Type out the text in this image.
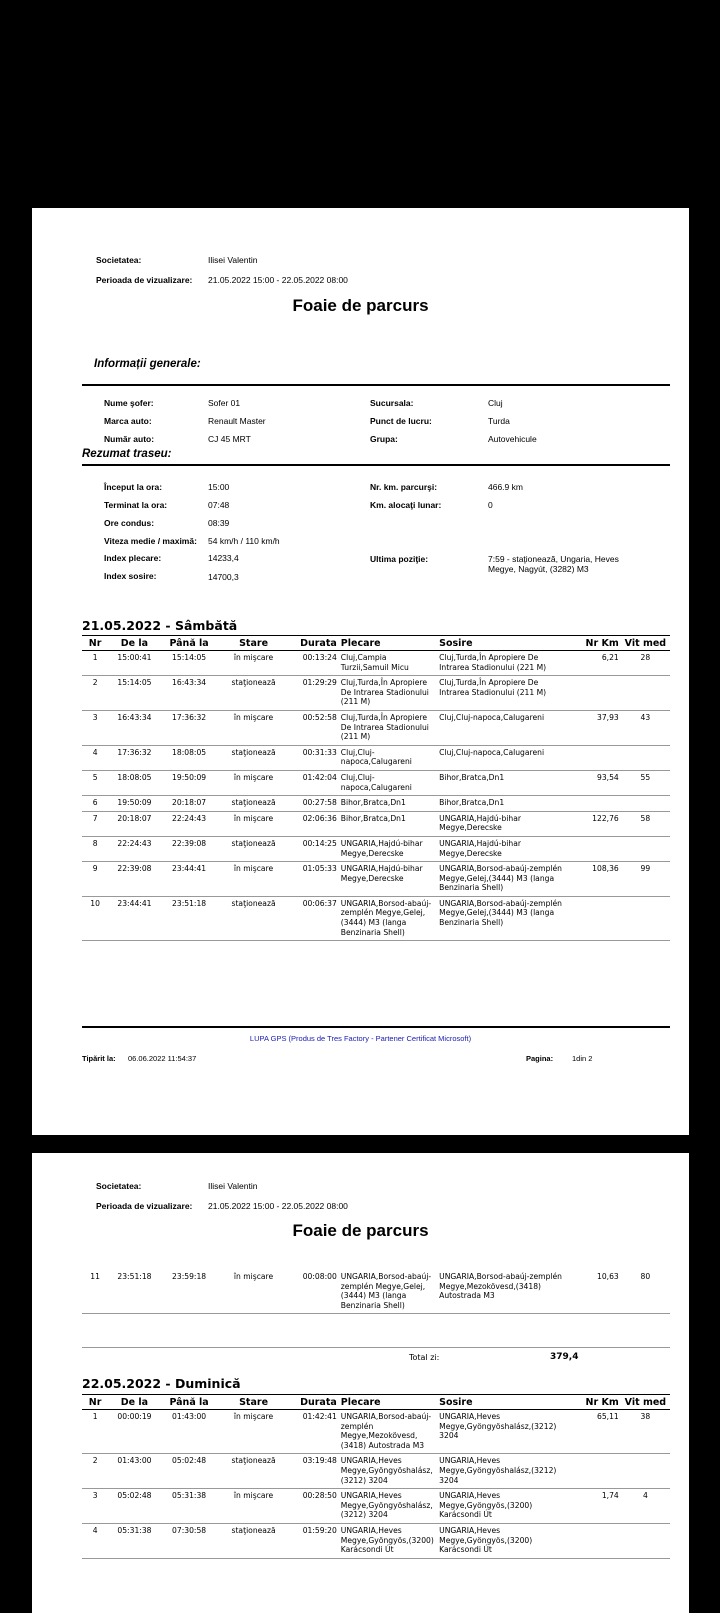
Societatea:	Ilisei Valentin
Perioada de vizualizare: 21.05.2022 15:00 - 22.05.2022 08:00
Foaie de parcurs
Informații generale:
Nume şofer:	Sofer 01
Marca auto:	Renault Master
Număr auto:	CJ 45 MRT
Sucursala:	Cluj
Punct de lucru:	Turda
Grupa:	Autovehicule
Rezumat traseu:
Început la ora:	15:00
Terminat la ora:	07:48
Ore condus:	08:39
Viteza medie / maximă: 54 km/h / 110 km/h
Index plecare:	14233,4
Index sosire:	14700,3
Nr. km. parcurşi:	466.9 km
Km. alocaţi lunar:	0
Ultima poziţie:	7:59 - staţionează, Ungaria, Heves Megye, Nagyút, (3282) M3
21.05.2022 - Sâmbătă
Nr	De la	Până la	Stare	Durata	Plecare	Sosire	Nr Km	Vit med
1	15:00:41	15:14:05	în mişcare	00:13:24	Cluj,Campia Turzii,Samuil Micu	Cluj,Turda,În Apropiere De Intrarea Stadionului (221 M)	6,21	28
2	15:14:05	16:43:34	staţionează	01:29:29	Cluj,Turda,În Apropiere De Intrarea Stadionului (211 M)	Cluj,Turda,În Apropiere De Intrarea Stadionului (211 M)		
3	16:43:34	17:36:32	în mişcare	00:52:58	Cluj,Turda,În Apropiere De Intrarea Stadionului (211 M)	Cluj,Cluj-napoca,Calugareni	37,93	43
4	17:36:32	18:08:05	staţionează	00:31:33	Cluj,Cluj-napoca,Calugareni	Cluj,Cluj-napoca,Calugareni		
5	18:08:05	19:50:09	în mişcare	01:42:04	Cluj,Cluj-napoca,Calugareni	Bihor,Bratca,Dn1	93,54	55
6	19:50:09	20:18:07	staţionează	00:27:58	Bihor,Bratca,Dn1	Bihor,Bratca,Dn1		
7	20:18:07	22:24:43	în mişcare	02:06:36	Bihor,Bratca,Dn1	UNGARIA,Hajdú-bihar Megye,Derecske	122,76	58
8	22:24:43	22:39:08	staţionează	00:14:25	UNGARIA,Hajdú-bihar Megye,Derecske	UNGARIA,Hajdú-bihar Megye,Derecske		
9	22:39:08	23:44:41	în mişcare	01:05:33	UNGARIA,Hajdú-bihar Megye,Derecske	UNGARIA,Borsod-abaúj-zemplén Megye,Gelej,(3444) M3 (langa Benzinaria Shell)	108,36	99
10	23:44:41	23:51:18	staţionează	00:06:37	UNGARIA,Borsod-abaúj-zemplén Megye,Gelej,(3444) M3 (langa Benzinaria Shell)	UNGARIA,Borsod-abaúj-zemplén Megye,Gelej,(3444) M3 (langa Benzinaria Shell)		
LUPA GPS (Produs de Tres Factory - Partener Certificat Microsoft)
Tipărit la: 06.06.2022 11:54:37	Pagina:	1din 2
Societatea:	Ilisei Valentin
Perioada de vizualizare: 21.05.2022 15:00 - 22.05.2022 08:00
Foaie de parcurs
11	23:51:18	23:59:18	în mişcare	00:08:00	UNGARIA,Borsod-abaúj-zemplén Megye,Gelej,(3444) M3 (langa Benzinaria Shell)	UNGARIA,Borsod-abaúj-zemplén Megye,Mezokövesd,(3418) Autostrada M3	10,63	80
Total zi:	379,4
22.05.2022 - Duminică
Nr	De la	Până la	Stare	Durata	Plecare	Sosire	Nr Km	Vit med
1	00:00:19	01:43:00	în mişcare	01:42:41	UNGARIA,Borsod-abaúj-zemplén Megye,Mezokövesd,(3418) Autostrada M3	UNGARIA,Heves Megye,Gyöngyöshalász,(3212) 3204	65,11	38
2	01:43:00	05:02:48	staţionează	03:19:48	UNGARIA,Heves Megye,Gyöngyöshalász,(3212) 3204	UNGARIA,Heves Megye,Gyöngyöshalász,(3212) 3204		
3	05:02:48	05:31:38	în mişcare	00:28:50	UNGARIA,Heves Megye,Gyöngyöshalász,(3212) 3204	UNGARIA,Heves Megye,Gyöngyös,(3200) Karácsondi Út	1,74	4
4	05:31:38	07:30:58	staţionează	01:59:20	UNGARIA,Heves Megye,Gyöngyös,(3200) Karácsondi Út	UNGARIA,Heves Megye,Gyöngyös,(3200) Karácsondi Út		
